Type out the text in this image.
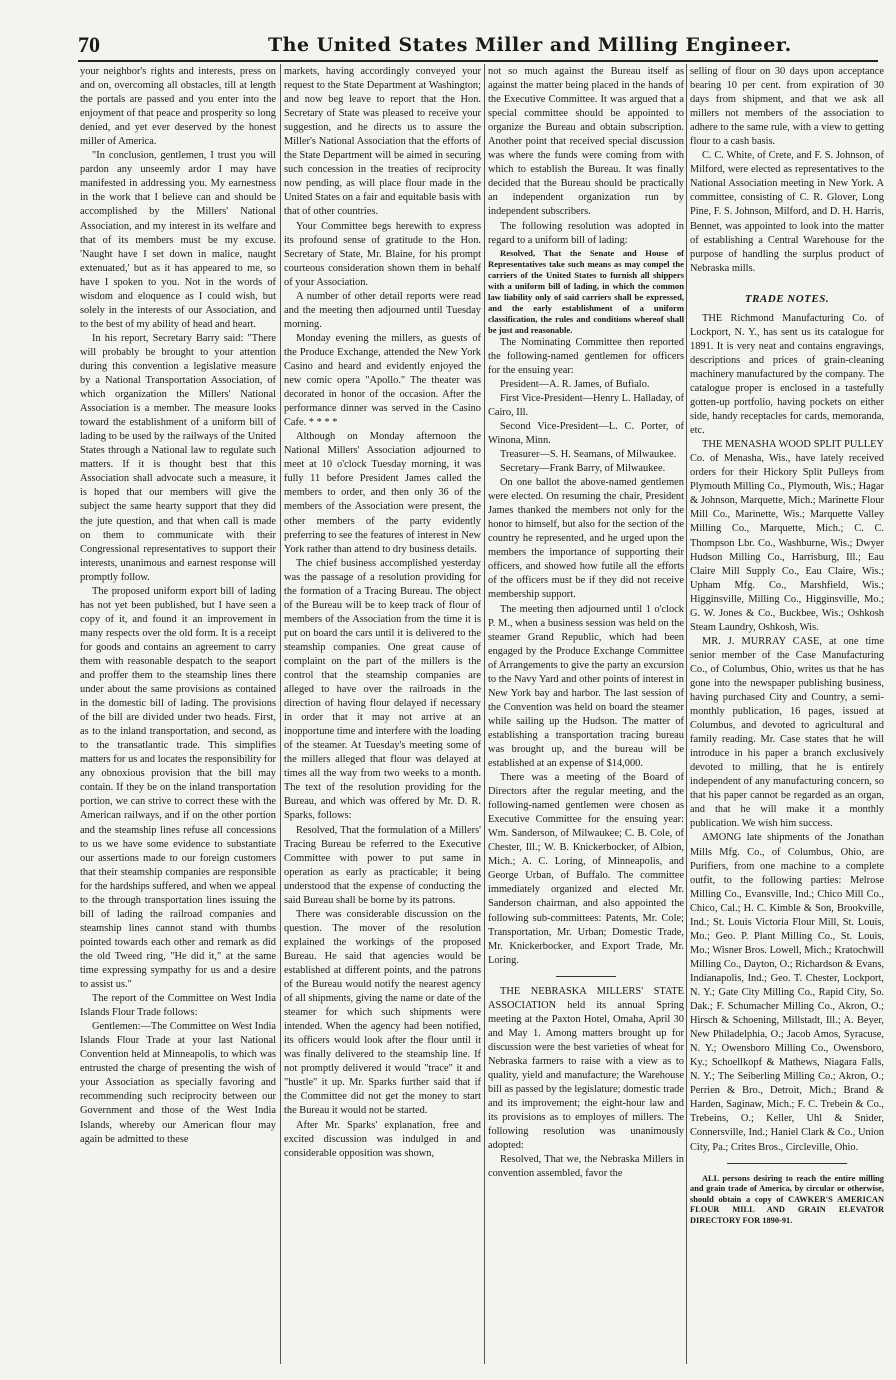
70	The United States Miller and Milling Engineer.

your neighbor's rights and interests, press on and on, overcoming all obstacles, till at length the portals are passed and you enter into the enjoyment of that peace and prosperity so long denied, and yet ever deserved by the honest miller of America.

"In conclusion, gentlemen, I trust you will pardon any unseemly ardor I may have manifested in addressing you. My earnestness in the work that I believe can and should be accomplished by the Millers' National Association, and my interest in its welfare and that of its members must be my excuse. 'Naught have I set down in malice, naught extenuated,' but as it has appeared to me, so have I spoken to you. Not in the words of wisdom and eloquence as I could wish, but solely in the interests of our Association, and to the best of my ability of head and heart.

In his report, Secretary Barry said: "There will probably be brought to your attention during this convention a legislative measure by a National Transportation Association, of which organization the Millers' National Association is a member. The measure looks toward the establishment of a uniform bill of lading to be used by the railways of the United States through a National law to regulate such matters. If it is thought best that this Association shall advocate such a measure, it is hoped that our members will give the subject the same hearty support that they did the jute question, and that when call is made on them to communicate with their Congressional representatives to support their interests, unanimous and earnest response will promptly follow.

The proposed uniform export bill of lading has not yet been published, but I have seen a copy of it, and found it an improvement in many respects over the old form. It is a receipt for goods and contains an agreement to carry them with reasonable despatch to the seaport and proffer them to the steamship lines there under about the same provisions as contained in the domestic bill of lading. The provisions of the bill are divided under two heads. First, as to the inland transportation, and second, as to the transatlantic trade. This simplifies matters for us and locates the responsibility for any obnoxious provision that the bill may contain. If they be on the inland transportation portion, we can strive to correct these with the American railways, and if on the other portion and the steamship lines refuse all concessions to us we have some evidence to substantiate our assertions made to our foreign customers that their steamship companies are responsible for the hardships suffered, and when we appeal to the through transportation lines issuing the bill of lading the railroad companies and steamship lines cannot stand with thumbs pointed towards each other and remark as did the old Tweed ring, "He did it," at the same time expressing sympathy for us and a desire to assist us."

The report of the Committee on West India Islands Flour Trade follows:

Gentlemen:—The Committee on West India Islands Flour Trade at your last National Convention held at Minneapolis, to which was entrusted the charge of presenting the wish of your Association as specially favoring and recommending such reciprocity between our Government and those of the West India Islands, whereby our American flour may again be admitted to these

markets, having accordingly conveyed your request to the State Department at Washington; and now beg leave to report that the Hon. Secretary of State was pleased to receive your suggestion, and he directs us to assure the Miller's National Association that the efforts of the State Department will be aimed in securing such concession in the treaties of reciprocity now pending, as will place flour made in the United States on a fair and equitable basis with that of other countries.

Your Committee begs herewith to express its profound sense of gratitude to the Hon. Secretary of State, Mr. Blaine, for his prompt courteous consideration shown them in behalf of your Association.

A number of other detail reports were read and the meeting then adjourned until Tuesday morning.

Monday evening the millers, as guests of the Produce Exchange, attended the New York Casino and heard and evidently enjoyed the new comic opera "Apollo." The theater was decorated in honor of the occasion. After the performance dinner was served in the Casino Cafe. * * * *

Although on Monday afternoon the National Millers' Association adjourned to meet at 10 o'clock Tuesday morning, it was fully 11 before President James called the members to order, and then only 36 of the members of the Association were present, the other members of the party evidently preferring to see the features of interest in New York rather than attend to dry business details.

The chief business accomplished yesterday was the passage of a resolution providing for the formation of a Tracing Bureau. The object of the Bureau will be to keep track of flour of members of the Association from the time it is put on board the cars until it is delivered to the steamship companies. One great cause of complaint on the part of the millers is the control that the steamship companies are alleged to have over the railroads in the direction of having flour delayed if necessary in order that it may not arrive at an inopportune time and interfere with the loading of the steamer. At Tuesday's meeting some of the millers alleged that flour was delayed at times all the way from two weeks to a month. The text of the resolution providing for the Bureau, and which was offered by Mr. D. R. Sparks, follows:

Resolved, That the formulation of a Millers' Tracing Bureau be referred to the Executive Committee with power to put same in operation as early as practicable; it being understood that the expense of conducting the said Bureau shall be borne by its patrons.

There was considerable discussion on the question. The mover of the resolution explained the workings of the proposed Bureau. He said that agencies would be established at different points, and the patrons of the Bureau would notify the nearest agency of all shipments, giving the name or date of the steamer for which such shipments were intended. When the agency had been notified, its officers would look after the flour until it was finally delivered to the steamship line. If not promptly delivered it would "trace" it and "hustle" it up. Mr. Sparks further said that if the Committee did not get the money to start the Bureau it would not be started.

After Mr. Sparks' explanation, free and excited discussion was indulged in and considerable opposition was shown,

not so much against the Bureau itself as against the matter being placed in the hands of the Executive Committee. It was argued that a special committee should be appointed to organize the Bureau and obtain subscription. Another point that received special discussion was where the funds were coming from with which to establish the Bureau. It was finally decided that the Bureau should be practically an independent organization run by independent subscribers.

The following resolution was adopted in regard to a uniform bill of lading:

Resolved, That the Senate and House of Representatives take such means as may compel the carriers of the United States to furnish all shippers with a uniform bill of lading, in which the common law liability only of said carriers shall be expressed, and the early establishment of a uniform classification, the rules and conditions whereof shall be just and reasonable.

The Nominating Committee then reported the following-named gentlemen for officers for the ensuing year:

President—A. R. James, of Bufialo.

First Vice-President—Henry L. Halladay, of Cairo, Ill.

Second Vice-President—L. C. Porter, of Winona, Minn.

Treasurer—S. H. Seamans, of Milwaukee.

Secretary—Frank Barry, of Milwaukee.

On one ballot the above-named gentlemen were elected. On resuming the chair, President James thanked the members not only for the honor to himself, but also for the section of the country he represented, and he urged upon the members the importance of supporting their officers, and showed how futile all the efforts of the officers must be if they did not receive membership support.

The meeting then adjourned until 1 o'clock P. M., when a business session was held on the steamer Grand Republic, which had been engaged by the Produce Exchange Committee of Arrangements to give the party an excursion to the Navy Yard and other points of interest in New York bay and harbor. The last session of the Convention was held on board the steamer while sailing up the Hudson. The matter of establishing a transportation tracing bureau was brought up, and the bureau will be established at an expense of $14,000.

There was a meeting of the Board of Directors after the regular meeting, and the following-named gentlemen were chosen as Executive Committee for the ensuing year: Wm. Sanderson, of Milwaukee; C. B. Cole, of Chester, Ill.; W. B. Knickerbocker, of Albion, Mich.; A. C. Loring, of Minneapolis, and George Urban, of Buffalo. The committee immediately organized and elected Mr. Sanderson chairman, and also appointed the following sub-committees: Patents, Mr. Cole; Transportation, Mr. Urban; Domestic Trade, Mr. Knickerbocker, and Export Trade, Mr. Loring.

THE NEBRASKA MILLERS' STATE ASSOCIATION held its annual Spring meeting at the Paxton Hotel, Omaha, April 30 and May 1. Among matters brought up for discussion were the best varieties of wheat for Nebraska farmers to raise with a view as to quality, yield and manufacture; the Warehouse bill as passed by the legislature; domestic trade and its improvement; the eight-hour law and its provisions as to employes of millers. The following resolution was unanimously adopted:

Resolved, That we, the Nebraska Millers in convention assembled, favor the

selling of flour on 30 days upon acceptance bearing 10 per cent. from expiration of 30 days from shipment, and that we ask all millers not members of the association to adhere to the same rule, with a view to getting flour to a cash basis.

C. C. White, of Crete, and F. S. Johnson, of Milford, were elected as representatives to the National Association meeting in New York. A committee, consisting of C. R. Glover, Long Pine, F. S. Johnson, Milford, and D. H. Harris, Bennet, was appointed to look into the matter of establishing a Central Warehouse for the purpose of handling the surplus product of Nebraska mills.

TRADE NOTES.

THE Richmond Manufacturing Co. of Lockport, N. Y., has sent us its catalogue for 1891. It is very neat and contains engravings, descriptions and prices of grain-cleaning machinery manufactured by the company. The catalogue proper is enclosed in a tastefully gotten-up portfolio, having pockets on either side, handy receptacles for cards, memoranda, etc.

THE MENASHA WOOD SPLIT PULLEY Co. of Menasha, Wis., have lately received orders for their Hickory Split Pulleys from Plymouth Milling Co., Plymouth, Wis.; Hagar & Johnson, Marquette, Mich.; Marinette Flour Mill Co., Marinette, Wis.; Marquette Valley Milling Co., Marquette, Mich.; C. C. Thompson Lbr. Co., Washburne, Wis.; Dwyer Hudson Milling Co., Harrisburg, Ill.; Eau Claire Mill Supply Co., Eau Claire, Wis.; Upham Mfg. Co., Marshfield, Wis.; Higginsville, Milling Co., Higginsville, Mo.; G. W. Jones & Co., Buckbee, Wis.; Oshkosh Steam Laundry, Oshkosh, Wis.

MR. J. MURRAY CASE, at one time senior member of the Case Manufacturing Co., of Columbus, Ohio, writes us that he has gone into the newspaper publishing business, having purchased City and Country, a semi-monthly publication, 16 pages, issued at Columbus, and devoted to agricultural and family reading. Mr. Case states that he will introduce in his paper a branch exclusively devoted to milling, that he is entirely independent of any manufacturing concern, so that his paper cannot be regarded as an organ, and that he will make it a monthly publication. We wish him success.

AMONG late shipments of the Jonathan Mills Mfg. Co., of Columbus, Ohio, are Purifiers, from one machine to a complete outfit, to the following parties: Melrose Milling Co., Evansville, Ind.; Chico Mill Co., Chico, Cal.; H. C. Kimble & Son, Brookville, Ind.; St. Louis Victoria Flour Mill, St. Louis, Mo.; Geo. P. Plant Milling Co., St. Louis, Mo.; Wisner Bros. Lowell, Mich.; Kratochwill Milling Co., Dayton, O.; Richardson & Evans, Indianapolis, Ind.; Geo. T. Chester, Lockport, N. Y.; Gate City Milling Co., Rapid City, So. Dak.; F. Schumacher Milling Co., Akron, O.; Hirsch & Schoening, Millstadt, Ill.; A. Beyer, New Philadelphia, O.; Jacob Amos, Syracuse, N. Y.; Owensboro Milling Co., Owensboro, Ky.; Schoellkopf & Mathews, Niagara Falls, N. Y.; The Seiberling Milling Co.; Akron, O.; Perrien & Bro., Detroit, Mich.; Brand & Harden, Saginaw, Mich.; F. C. Trebein & Co., Trebeins, O.; Keller, Uhl & Snider, Connersville, Ind.; Haniel Clark & Co., Union City, Pa.; Crites Bros., Circleville, Ohio.

ALL persons desiring to reach the entire milling and grain trade of America, by circular or otherwise, should obtain a copy of CAWKER'S AMERICAN FLOUR MILL AND GRAIN ELEVATOR DIRECTORY FOR 1890-91.
